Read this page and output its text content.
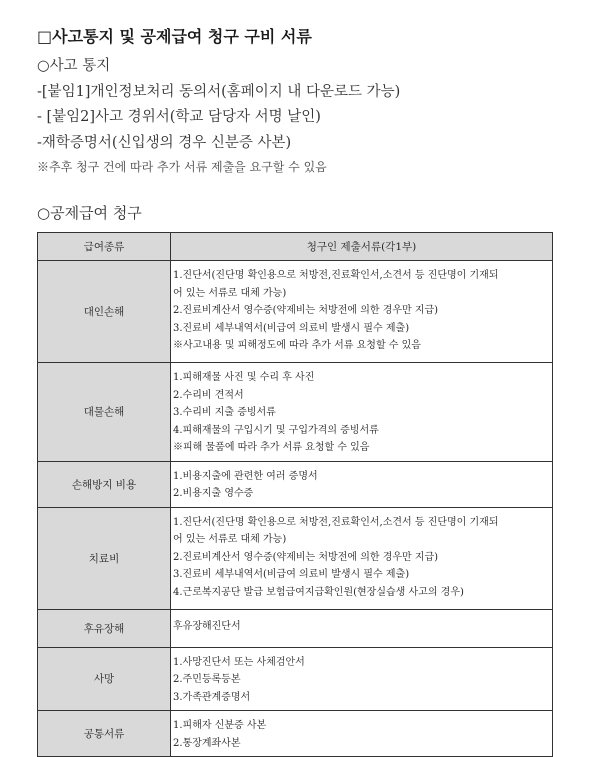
□사고통지 및 공제급여 청구 구비 서류
○사고 통지
-[붙임1]개인정보처리 동의서(홈페이지 내 다운로드 가능)
- [붙임2]사고 경위서(학교 담당자 서명 날인)
-재학증명서(신입생의 경우 신분증 사본)
※추후 청구 건에 따라 추가 서류 제출을 요구할 수 있음
○공제급여 청구
급여종류	청구인 제출서류(각1부)
대인손해	1.진단서(진단명 확인용으로 처방전,진료확인서,소견서 등 진단명이 기재되
어 있는 서류로 대체 가능)
2.진료비계산서 영수증(약제비는 처방전에 의한 경우만 지급)
3.진료비 세부내역서(비급여 의료비 발생시 필수 제출)
※사고내용 및 피해정도에 따라 추가 서류 요청할 수 있음

대물손해	1.피해재물 사진 및 수리 후 사진
2.수리비 견적서
3.수리비 지출 증빙서류
4.피해재물의 구입시기 및 구입가격의 증빙서류
※피해 물품에 따라 추가 서류 요청할 수 있음

손해방지 비용	1.비용지출에 관련한 여러 증명서
2.비용지출 영수증

치료비	1.진단서(진단명 확인용으로 처방전,진료확인서,소견서 등 진단명이 기재되
어 있는 서류로 대체 가능)
2.진료비계산서 영수증(약제비는 처방전에 의한 경우만 지급)
3.진료비 세부내역서(비급여 의료비 발생시 필수 제출)
4.근로복지공단 발급 보험급여지급확인원(현장실습생 사고의 경우)

후유장해	후유장해진단서

사망	1.사망진단서 또는 사체검안서
2.주민등록등본
3.가족관계증명서

공통서류	1.피해자 신분증 사본
2.통장계좌사본
